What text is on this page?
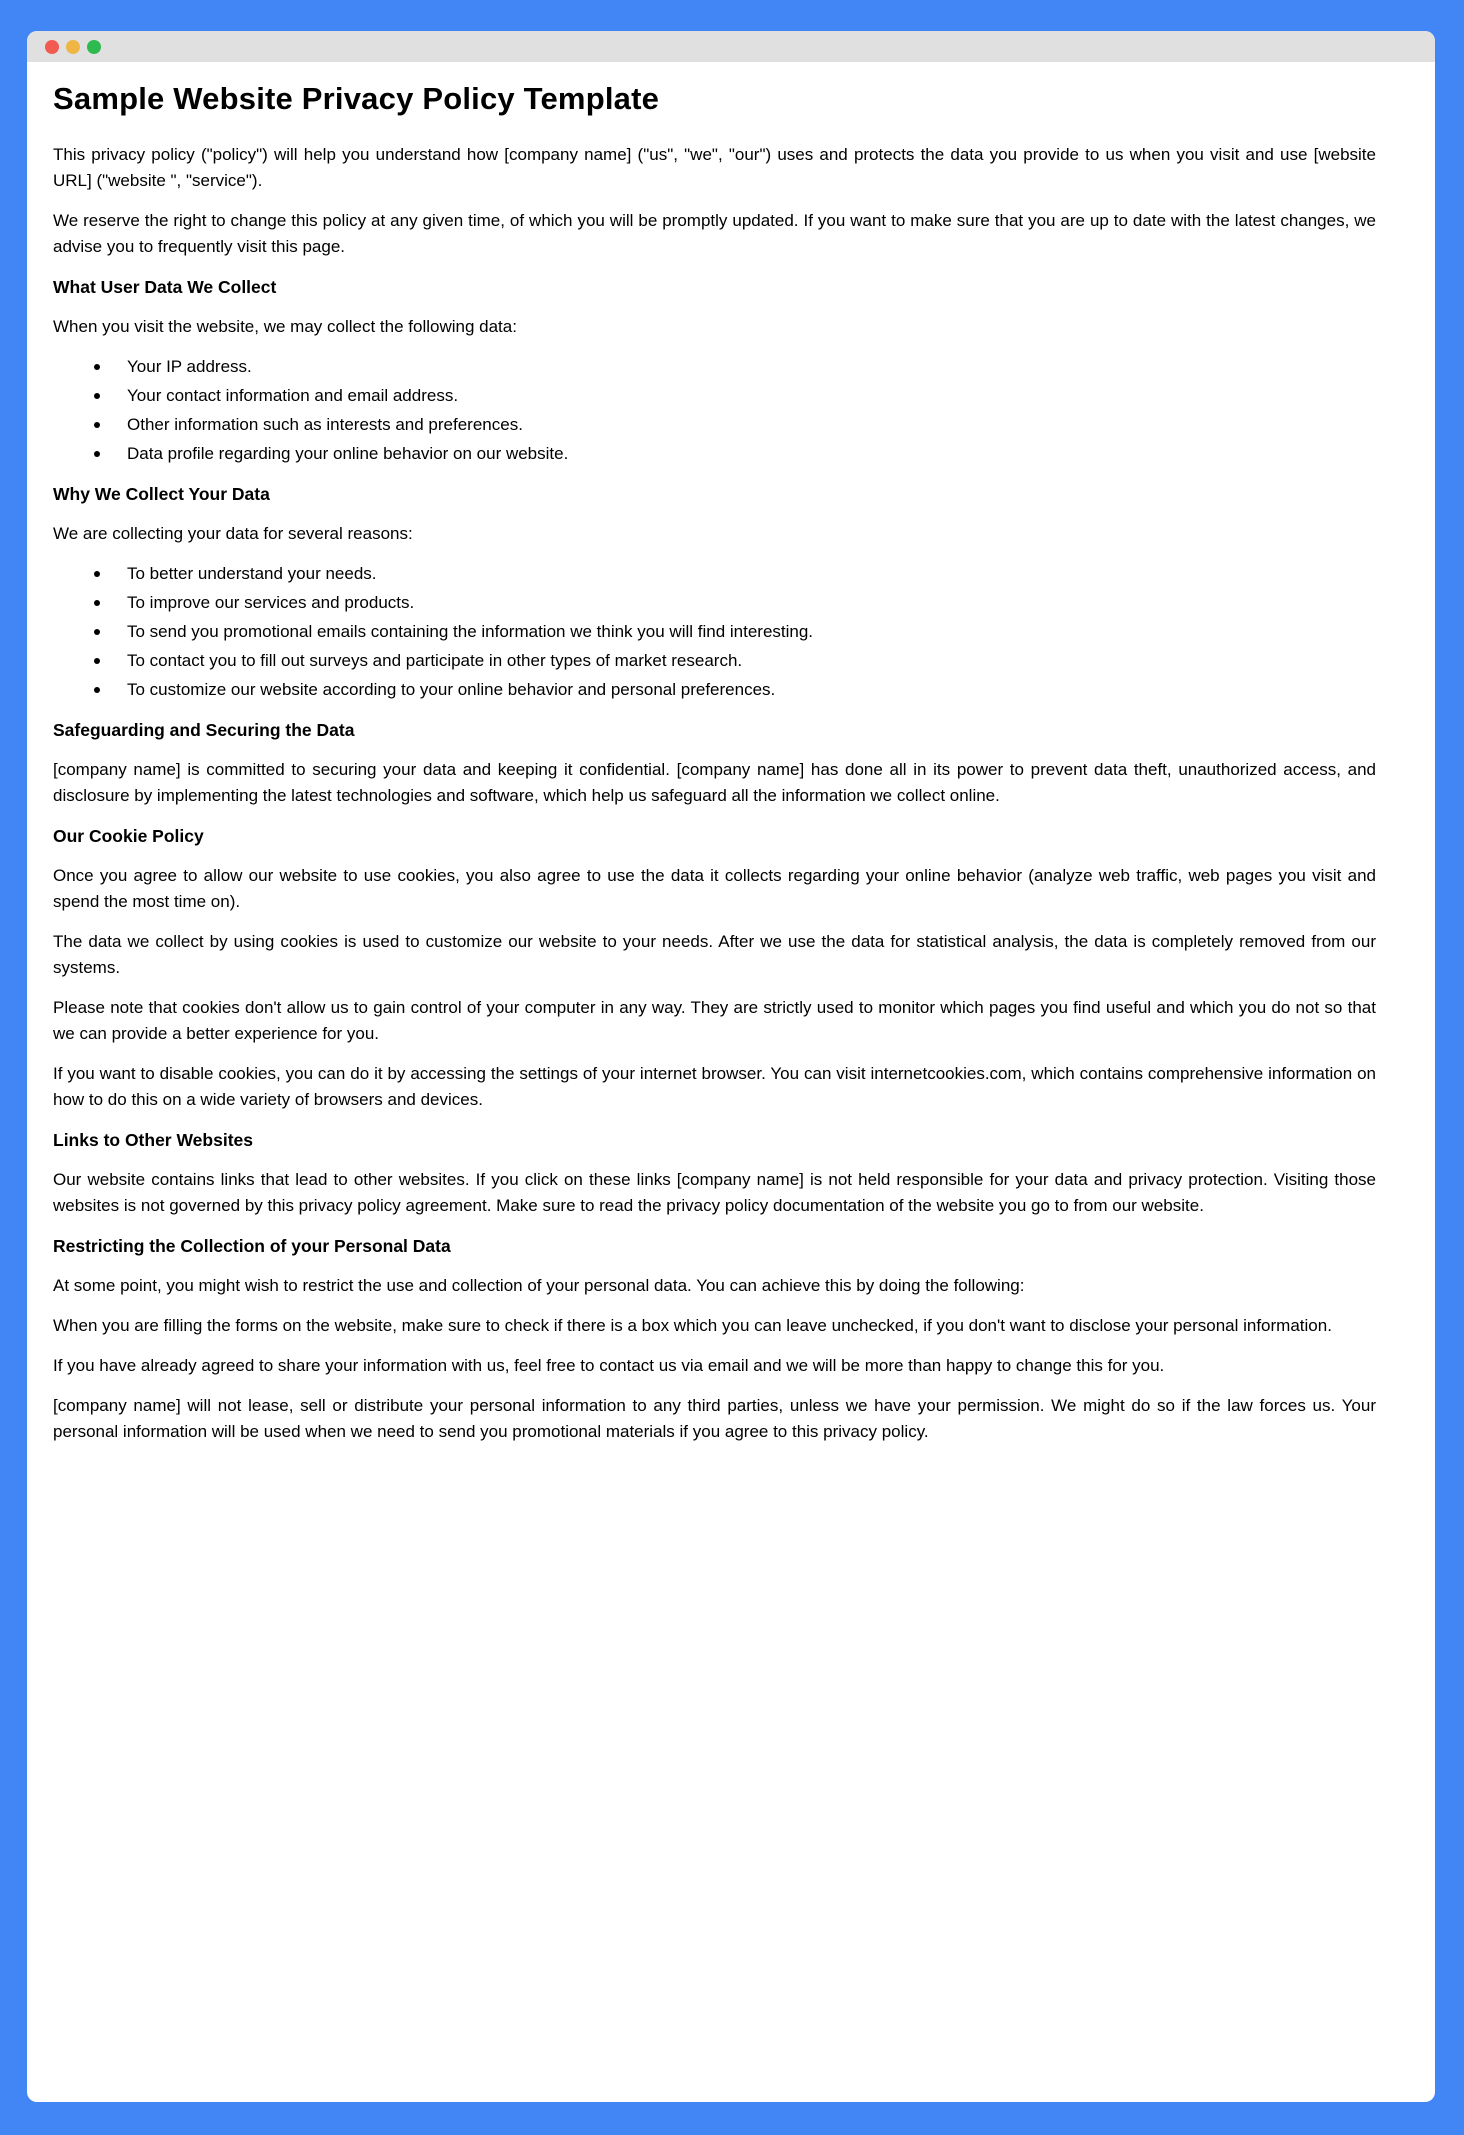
Sample Website Privacy Policy Template

This privacy policy ("policy") will help you understand how [company name] ("us", "we", "our") uses and protects the data you provide to us when you visit and use [website URL] ("website ", "service").

We reserve the right to change this policy at any given time, of which you will be promptly updated. If you want to make sure that you are up to date with the latest changes, we advise you to frequently visit this page.

What User Data We Collect

When you visit the website, we may collect the following data:

Your IP address.
Your contact information and email address.
Other information such as interests and preferences.
Data profile regarding your online behavior on our website.
Why We Collect Your Data

We are collecting your data for several reasons:

To better understand your needs.
To improve our services and products.
To send you promotional emails containing the information we think you will find interesting.
To contact you to fill out surveys and participate in other types of market research.
To customize our website according to your online behavior and personal preferences.
Safeguarding and Securing the Data

[company name] is committed to securing your data and keeping it confidential. [company name] has done all in its power to prevent data theft, unauthorized access, and disclosure by implementing the latest technologies and software, which help us safeguard all the information we collect online.

Our Cookie Policy

Once you agree to allow our website to use cookies, you also agree to use the data it collects regarding your online behavior (analyze web traffic, web pages you visit and spend the most time on).

The data we collect by using cookies is used to customize our website to your needs. After we use the data for statistical analysis, the data is completely removed from our systems.

Please note that cookies don't allow us to gain control of your computer in any way. They are strictly used to monitor which pages you find useful and which you do not so that we can provide a better experience for you.

If you want to disable cookies, you can do it by accessing the settings of your internet browser. You can visit internetcookies.com, which contains comprehensive information on how to do this on a wide variety of browsers and devices.

Links to Other Websites

Our website contains links that lead to other websites. If you click on these links [company name] is not held responsible for your data and privacy protection. Visiting those websites is not governed by this privacy policy agreement. Make sure to read the privacy policy documentation of the website you go to from our website.

Restricting the Collection of your Personal Data

At some point, you might wish to restrict the use and collection of your personal data. You can achieve this by doing the following:

When you are filling the forms on the website, make sure to check if there is a box which you can leave unchecked, if you don't want to disclose your personal information.

If you have already agreed to share your information with us, feel free to contact us via email and we will be more than happy to change this for you.

[company name] will not lease, sell or distribute your personal information to any third parties, unless we have your permission. We might do so if the law forces us. Your personal information will be used when we need to send you promotional materials if you agree to this privacy policy.
